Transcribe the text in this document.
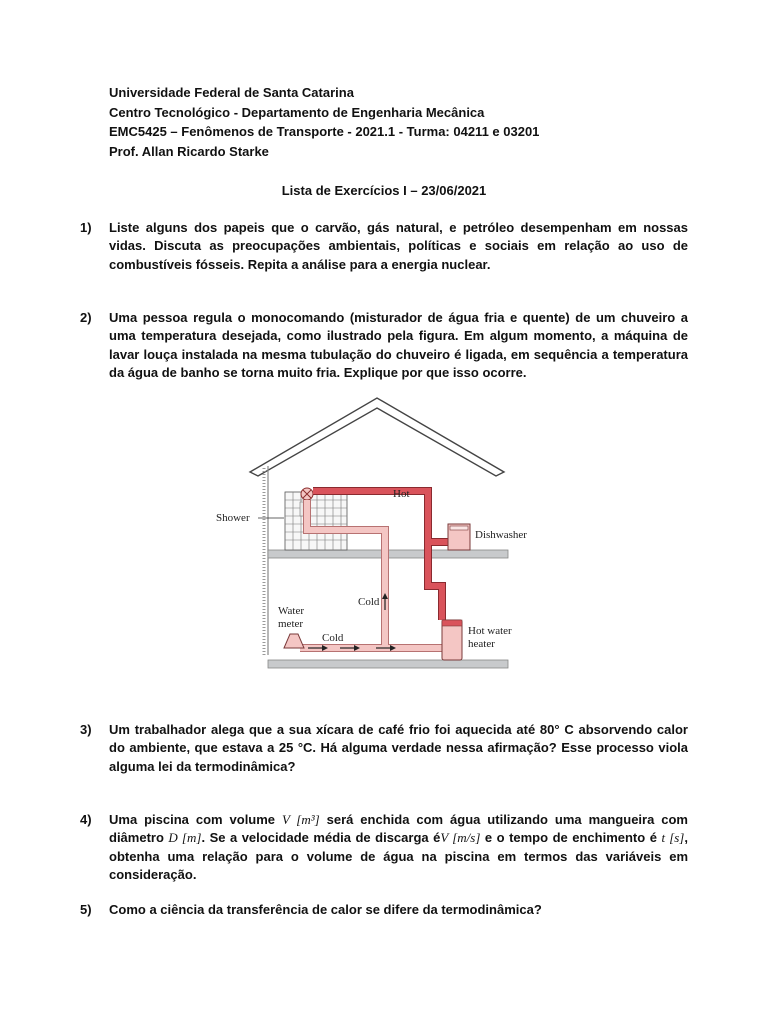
Universidade Federal de Santa Catarina
Centro Tecnológico - Departamento de Engenharia Mecânica
EMC5425 – Fenômenos de Transporte - 2021.1 - Turma: 04211 e 03201
Prof. Allan Ricardo Starke
Lista de Exercícios I – 23/06/2021
1) Liste alguns dos papeis que o carvão, gás natural, e petróleo desempenham em nossas vidas. Discuta as preocupações ambientais, políticas e sociais em relação ao uso de combustíveis fósseis. Repita a análise para a energia nuclear.
2) Uma pessoa regula o monocomando (misturador de água fria e quente) de um chuveiro a uma temperatura desejada, como ilustrado pela figura. Em algum momento, a máquina de lavar louça instalada na mesma tubulação do chuveiro é ligada, em sequência a temperatura da água de banho se torna muito fria. Explique por que isso ocorre.
Hot
Shower
Dishwasher
Cold
Water
meter
Cold
Hot water
heater
3) Um trabalhador alega que a sua xícara de café frio foi aquecida até 80° C absorvendo calor do ambiente, que estava a 25 °C. Há alguma verdade nessa afirmação? Esse processo viola alguma lei da termodinâmica?
4) Uma piscina com volume V [m³] será enchida com água utilizando uma mangueira com diâmetro D [m]. Se a velocidade média de discarga éV [m/s] e o tempo de enchimento é t [s], obtenha uma relação para o volume de água na piscina em termos das variáveis em consideração.
5) Como a ciência da transferência de calor se difere da termodinâmica?
